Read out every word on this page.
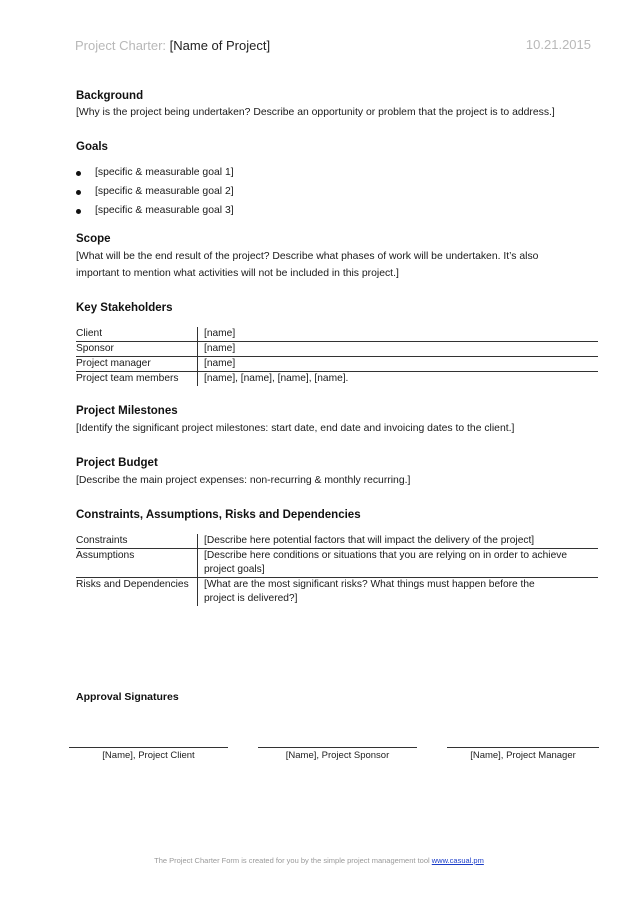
Project Charter: [Name of Project]	10.21.2015
Background
[Why is the project being undertaken? Describe an opportunity or problem that the project is to address.]
Goals
[specific & measurable goal 1]
[specific & measurable goal 2]
[specific & measurable goal 3]
Scope
[What will be the end result of the project? Describe what phases of work will be undertaken. It’s also
important to mention what activities will not be included in this project.]
Key Stakeholders
Client	[name]
Sponsor	[name]
Project manager	[name]
Project team members	[name], [name], [name], [name].
Project Milestones
[Identify the significant project milestones: start date, end date and invoicing dates to the client.]
Project Budget
[Describe the main project expenses: non-recurring & monthly recurring.]
Constraints, Assumptions, Risks and Dependencies
Constraints	[Describe here potential factors that will impact the delivery of the project]

Assumptions	[Describe here conditions or situations that you are relying on in order to achieve
project goals]

Risks and Dependencies	[What are the most significant risks? What things must happen before the
project is delivered?]
Approval Signatures
[Name], Project Client	[Name], Project Sponsor	[Name], Project Manager
The Project Charter Form is created for you by the simple project management tool www.casual.pm
